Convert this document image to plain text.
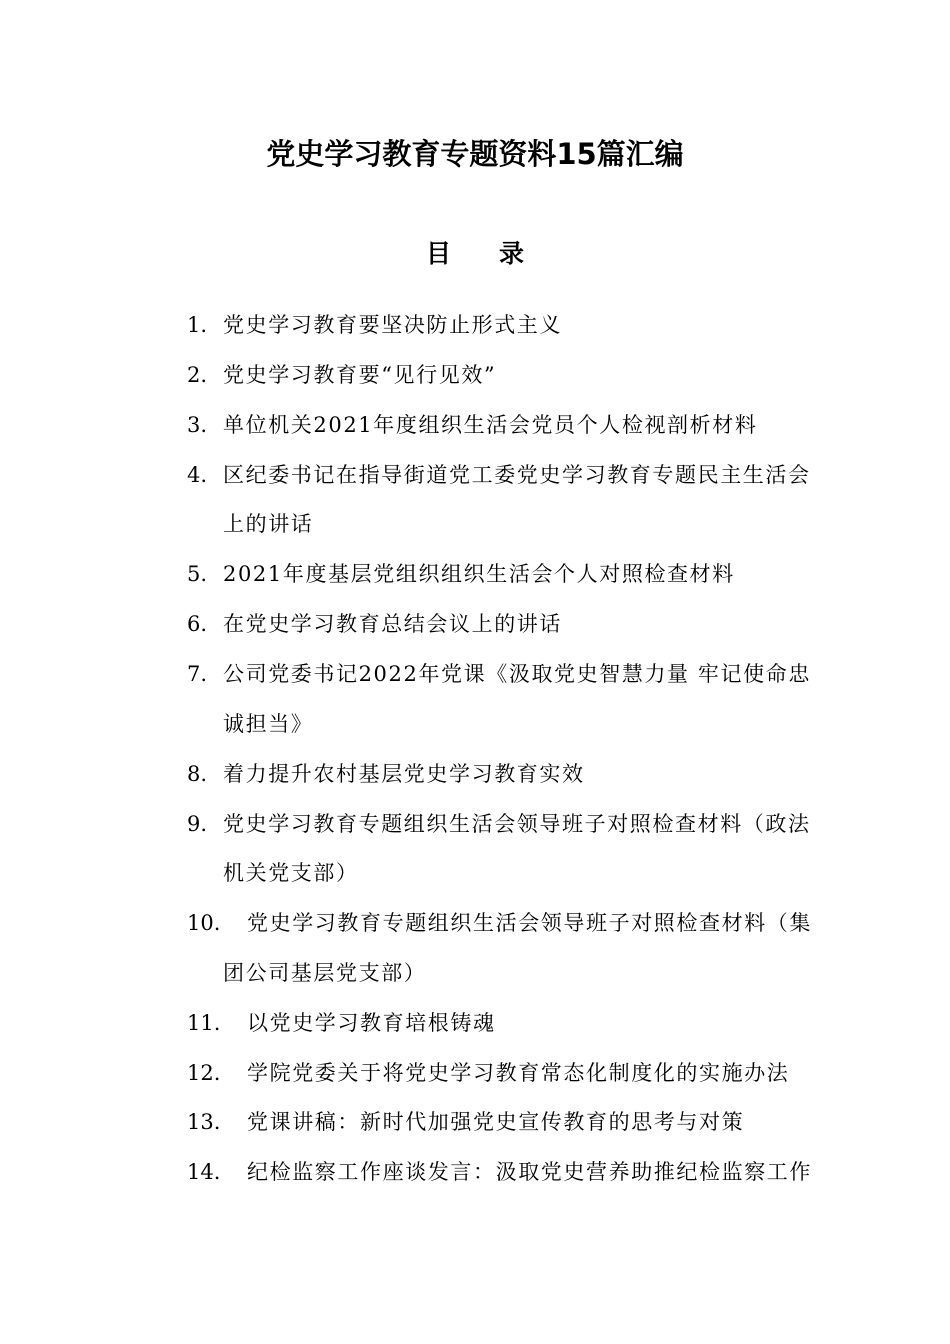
党史学习教育专题资料15篇汇编
目 录
1. 党史学习教育要坚决防止形式主义
2. 党史学习教育要“见行见效”
3. 单位机关2021年度组织生活会党员个人检视剖析材料
4. 区纪委书记在指导街道党工委党史学习教育专题民主生活会
上的讲话
5. 2021年度基层党组织组织生活会个人对照检查材料
6. 在党史学习教育总结会议上的讲话
7. 公司党委书记2022年党课《汲取党史智慧力量 牢记使命忠
诚担当》
8. 着力提升农村基层党史学习教育实效
9. 党史学习教育专题组织生活会领导班子对照检查材料（政法
机关党支部）
10. 党史学习教育专题组织生活会领导班子对照检查材料（集
团公司基层党支部）
11. 以党史学习教育培根铸魂
12. 学院党委关于将党史学习教育常态化制度化的实施办法
13. 党课讲稿：新时代加强党史宣传教育的思考与对策
14. 纪检监察工作座谈发言：汲取党史营养助推纪检监察工作
